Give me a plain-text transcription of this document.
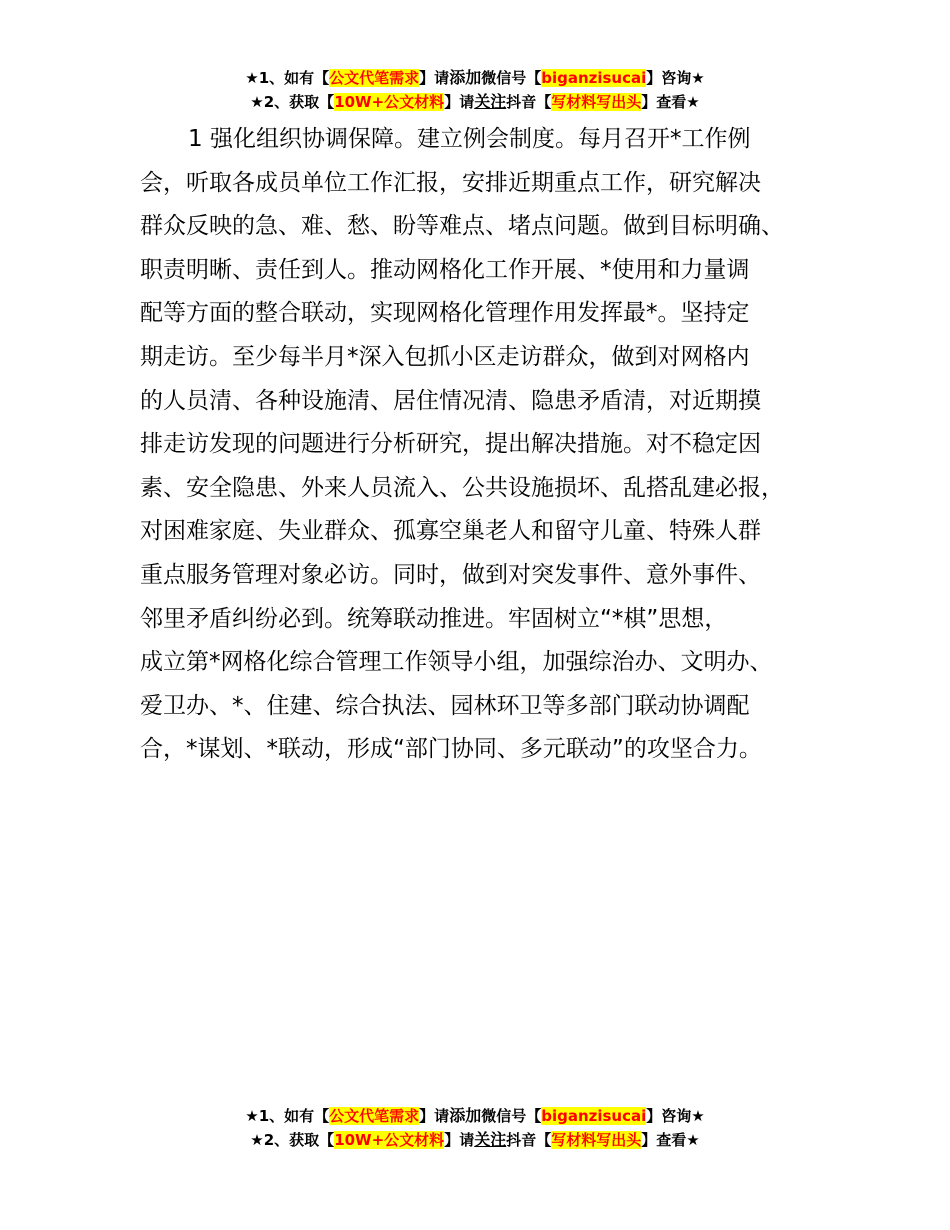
★1、如有【公文代笔需求】请添加微信号【biganzisucai】咨询★
★2、获取【10W+公文材料】请关注抖音【写材料写出头】查看★
1 强化组织协调保障。建立例会制度。每月召开*工作例
会，听取各成员单位工作汇报，安排近期重点工作，研究解决
群众反映的急、难、愁、盼等难点、堵点问题。做到目标明确、
职责明晰、责任到人。推动网格化工作开展、*使用和力量调
配等方面的整合联动，实现网格化管理作用发挥最*。坚持定
期走访。至少每半月*深入包抓小区走访群众，做到对网格内
的人员清、各种设施清、居住情况清、隐患矛盾清，对近期摸
排走访发现的问题进行分析研究，提出解决措施。对不稳定因
素、安全隐患、外来人员流入、公共设施损坏、乱搭乱建必报，
对困难家庭、失业群众、孤寡空巢老人和留守儿童、特殊人群
重点服务管理对象必访。同时，做到对突发事件、意外事件、
邻里矛盾纠纷必到。统筹联动推进。牢固树立“*棋”思想，
成立第*网格化综合管理工作领导小组，加强综治办、文明办、
爱卫办、*、住建、综合执法、园林环卫等多部门联动协调配
合，*谋划、*联动，形成“部门协同、多元联动”的攻坚合力。
★1、如有【公文代笔需求】请添加微信号【biganzisucai】咨询★
★2、获取【10W+公文材料】请关注抖音【写材料写出头】查看★
